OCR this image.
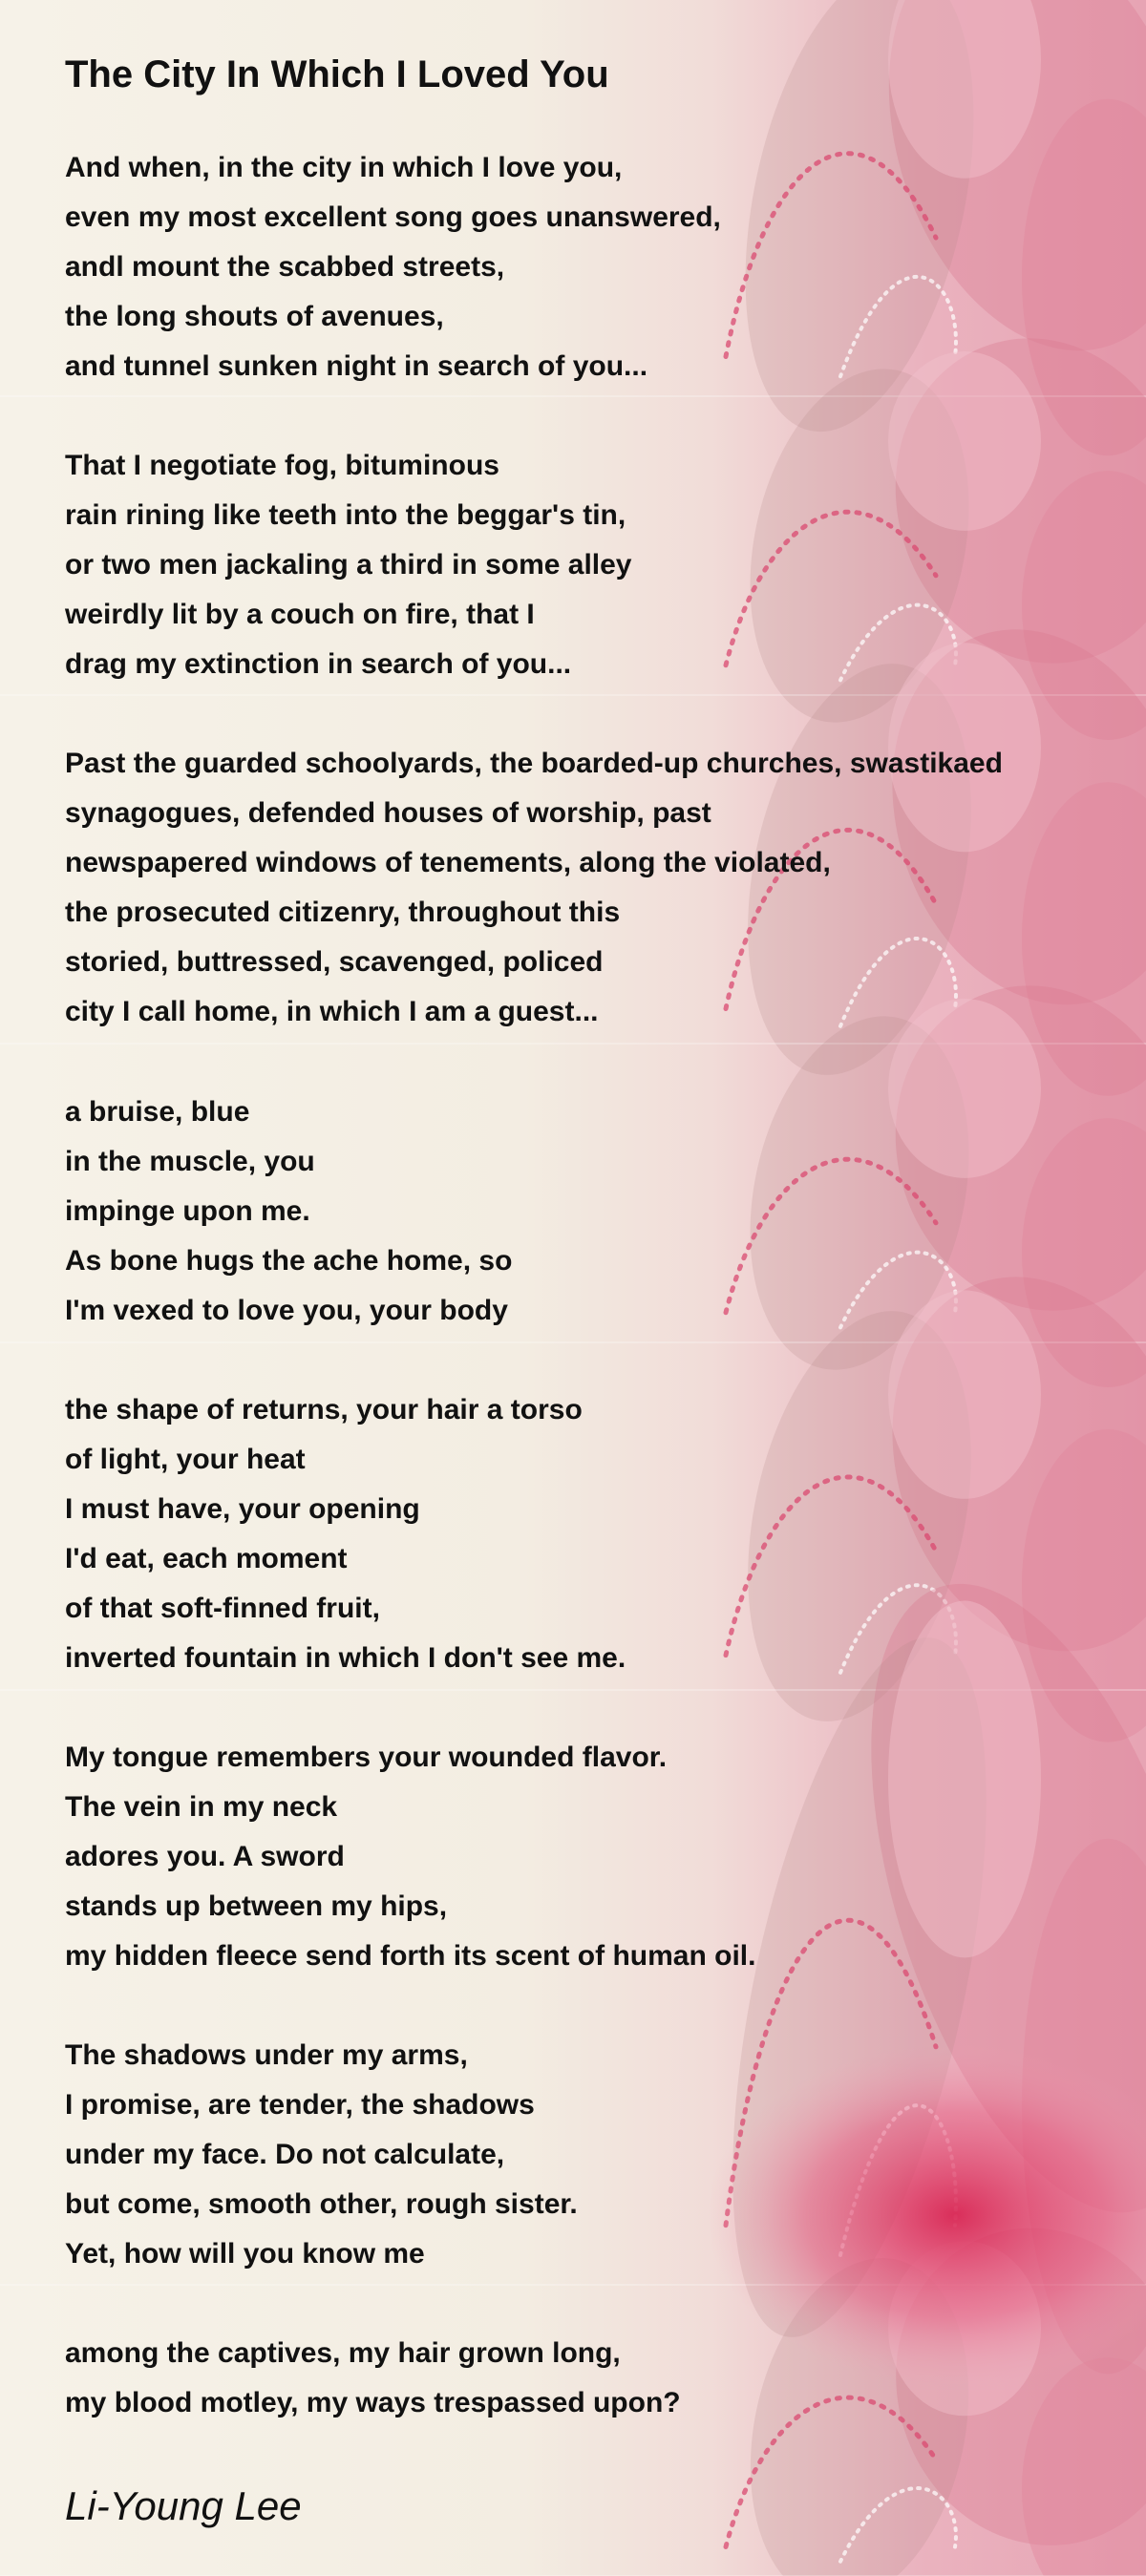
The City In Which I Loved You
And when, in the city in which I love you,
even my most excellent song goes unanswered,
andl mount the scabbed streets,
the long shouts of avenues,
and tunnel sunken night in search of you...
That I negotiate fog, bituminous
rain rining like teeth into the beggar's tin,
or two men jackaling a third in some alley
weirdly lit by a couch on fire, that I
drag my extinction in search of you...
Past the guarded schoolyards, the boarded-up churches, swastikaed
synagogues, defended houses of worship, past
newspapered windows of tenements, along the violated,
the prosecuted citizenry, throughout this
storied, buttressed, scavenged, policed
city I call home, in which I am a guest...
a bruise, blue
in the muscle, you
impinge upon me.
As bone hugs the ache home, so
I'm vexed to love you, your body
the shape of returns, your hair a torso
of light, your heat
I must have, your opening
I'd eat, each moment
of that soft-finned fruit,
inverted fountain in which I don't see me.
My tongue remembers your wounded flavor.
The vein in my neck
adores you. A sword
stands up between my hips,
my hidden fleece send forth its scent of human oil.
The shadows under my arms,
I promise, are tender, the shadows
under my face. Do not calculate,
but come, smooth other, rough sister.
Yet, how will you know me
among the captives, my hair grown long,
my blood motley, my ways trespassed upon?
Li-Young Lee
